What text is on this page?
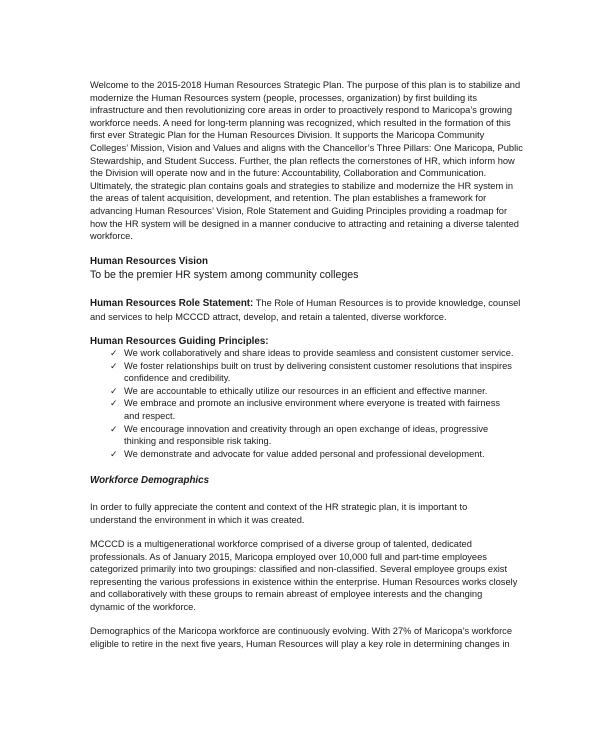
Welcome to the 2015-2018 Human Resources Strategic Plan. The purpose of this plan is to stabilize and
modernize the Human Resources system (people, processes, organization) by first building its
infrastructure and then revolutionizing core areas in order to proactively respond to Maricopa’s growing
workforce needs. A need for long-term planning was recognized, which resulted in the formation of this
first ever Strategic Plan for the Human Resources Division. It supports the Maricopa Community
Colleges’ Mission, Vision and Values and aligns with the Chancellor’s Three Pillars: One Maricopa, Public
Stewardship, and Student Success. Further, the plan reflects the cornerstones of HR, which inform how
the Division will operate now and in the future: Accountability, Collaboration and Communication.
Ultimately, the strategic plan contains goals and strategies to stabilize and modernize the HR system in
the areas of talent acquisition, development, and retention. The plan establishes a framework for
advancing Human Resources’ Vision, Role Statement and Guiding Principles providing a roadmap for
how the HR system will be designed in a manner conducive to attracting and retaining a diverse talented
workforce.
Human Resources Vision
To be the premier HR system among community colleges
Human Resources Role Statement: The Role of Human Resources is to provide knowledge, counsel
and services to help MCCCD attract, develop, and retain a talented, diverse workforce.
Human Resources Guiding Principles:
✓ We work collaboratively and share ideas to provide seamless and consistent customer service.
✓ We foster relationships built on trust by delivering consistent customer resolutions that inspires
confidence and credibility.
✓ We are accountable to ethically utilize our resources in an efficient and effective manner.
✓ We embrace and promote an inclusive environment where everyone is treated with fairness
and respect.
✓ We encourage innovation and creativity through an open exchange of ideas, progressive
thinking and responsible risk taking.
✓ We demonstrate and advocate for value added personal and professional development.
Workforce Demographics
In order to fully appreciate the content and context of the HR strategic plan, it is important to
understand the environment in which it was created.
MCCCD is a multigenerational workforce comprised of a diverse group of talented, dedicated
professionals. As of January 2015, Maricopa employed over 10,000 full and part-time employees
categorized primarily into two groupings: classified and non-classified. Several employee groups exist
representing the various professions in existence within the enterprise. Human Resources works closely
and collaboratively with these groups to remain abreast of employee interests and the changing
dynamic of the workforce.
Demographics of the Maricopa workforce are continuously evolving. With 27% of Maricopa’s workforce
eligible to retire in the next five years, Human Resources will play a key role in determining changes in
